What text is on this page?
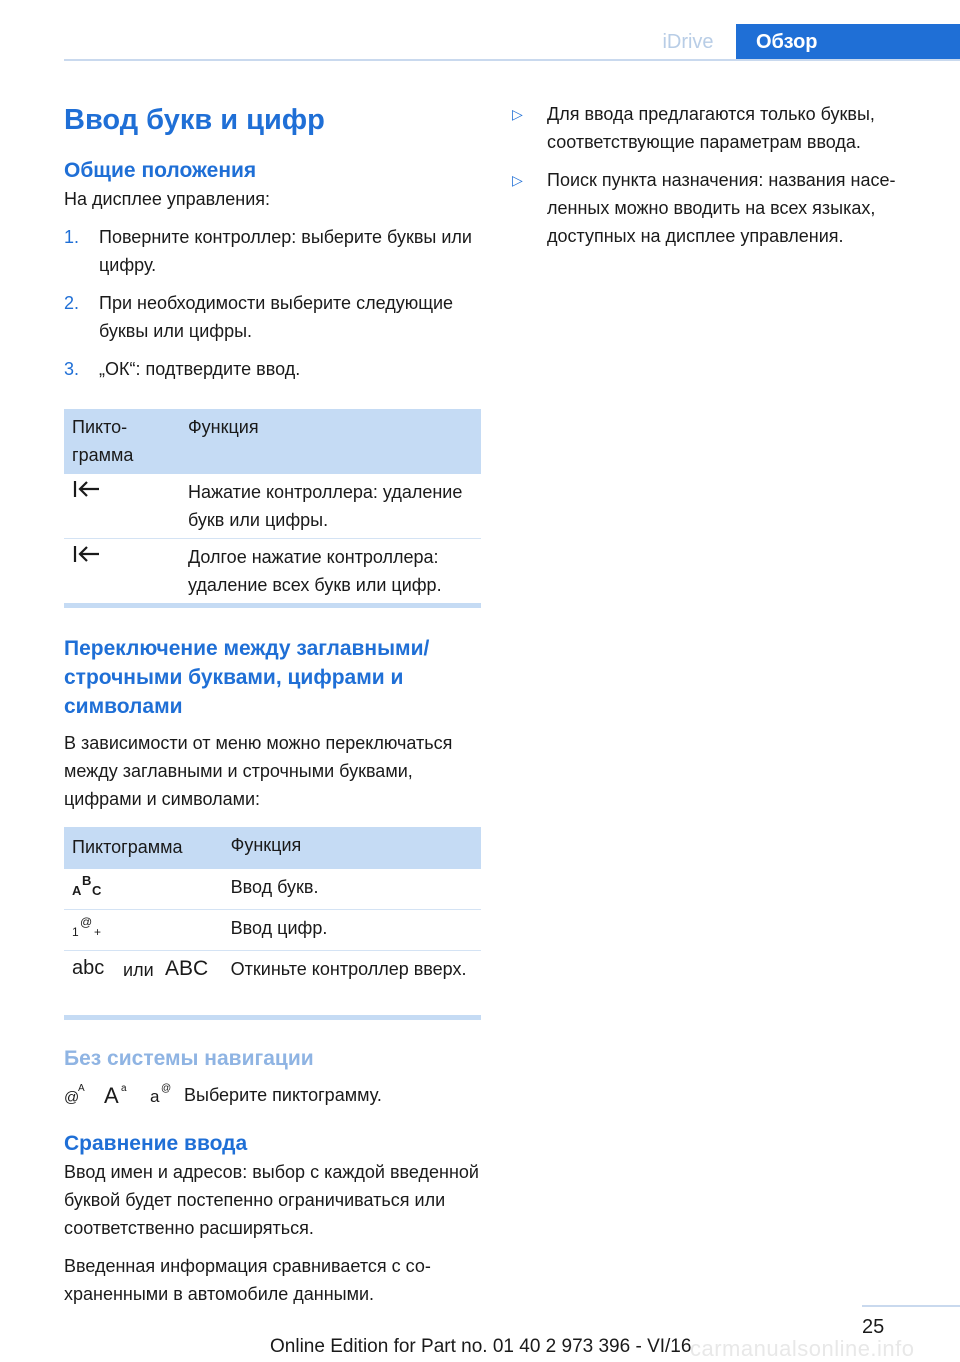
iDrive	Обзор
Ввод букв и цифр
Общие положения

На дисплее управления:

1. Поверните контроллер: выберите буквы или цифру.
2. При необходимости выберите следующие буквы или цифры.
3. „ОК“: подтвердите ввод.
Пиктограмма	Функция
	Нажатие контроллера: удаление букв или цифры.
	Долгое нажатие контроллера: удаление всех букв или цифр.
Переключение между заглавными/строчными буквами, цифрами и символами

В зависимости от меню можно переключаться между заглавными и строчными буквами, цифрами и символами:

Пиктограмма	Функция

A
B
C	Ввод букв.

1
@
+	Ввод цифр.

abc или ABC	Откиньте контроллер вверх.
Без системы навигации
@
A A a a @ Выберите пиктограмму.
Сравнение ввода

Ввод имен и адресов: выбор с каждой введенной буквой будет постепенно ограничиваться или соответственно расширяться.

Введенная информация сравнивается с сохраненными в автомобиле данными.

▷ Для ввода предлагаются только буквы, соответствующие параметрам ввода.
▷ Поиск пункта назначения: названия населенных можно вводить на всех языках, доступных на дисплее управления.
25
Online Edition for Part no. 01 40 2 973 396 - VI/16
carmanualsonline.info
